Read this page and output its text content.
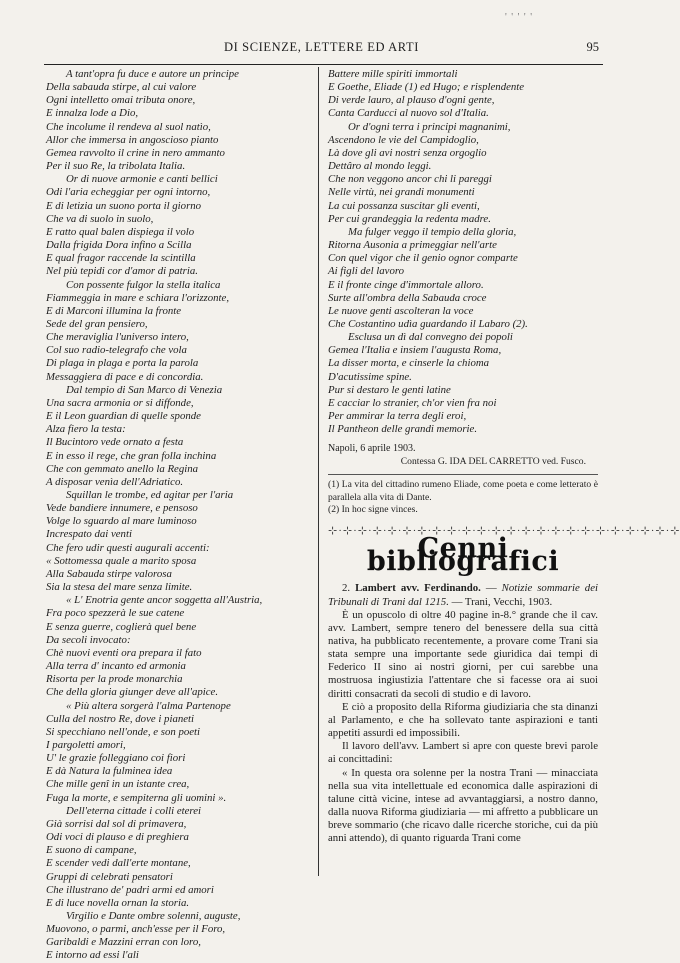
' ' ' ' '
DI SCIENZE, LETTERE ED ARTI	95
A tant'opra fu duce e autore un principe
Della sabauda stirpe, al cui valore
Ogni intelletto omai tributa onore,
E innalza lode a Dio,
Che incolume il rendeva al suol natìo,
Allor che immersa in angoscioso pianto
Gemea ravvolto il crine in nero ammanto
Per il suo Re, la tribolata Italia.
Or di nuove armonie e canti bellici
Odi l'aria echeggiar per ogni intorno,
E di letizia un suono porta il giorno
Che va di suolo in suolo,
E ratto qual balen dispiega il volo
Dalla frigida Dora infino a Scilla
E qual fragor raccende la scintilla
Nel più tepidi cor d'amor di patria.
Con possente fulgor la stella italica
Fiammeggia in mare e schiara l'orizzonte,
E di Marconi illumina la fronte
Sede del gran pensiero,
Che meraviglia l'universo intero,
Col suo radio-telegrafo che vola
Di plaga in plaga e porta la parola
Messaggiera di pace e di concordia.
Dal tempio di San Marco di Venezia
Una sacra armonia or si diffonde,
E il Leon guardian di quelle sponde
Alza fiero la testa:
Il Bucintoro vede ornato a festa
E in esso il rege, che gran folla inchina
Che con gemmato anello la Regina
A disposar venìa dell'Adriatico.
Squillan le trombe, ed agitar per l'aria
Vede bandiere innumere, e pensoso
Volge lo sguardo al mare luminoso
Increspato dai venti
Che fero udir questi augurali accenti:
« Sottomessa quale a marito sposa
Alla Sabauda stirpe valorosa
Sia la stesa del mare senza limite.
« L' Enotria gente ancor soggetta all'Austria,
Fra poco spezzerà le sue catene
E senza guerre, coglierà quel bene
Da secoli invocato:
Chè nuovi eventi ora prepara il fato
Alla terra d' incanto ed armonia
Risorta per la prode monarchia
Che della gloria giunger deve all'apice.
« Più altera sorgerà l'alma Partenope
Culla del nostro Re, dove i pianeti
Si specchiano nell'onde, e son poeti
I pargoletti amori,
U' le grazie folleggiano coi fiori
E dà Natura la fulminea idea
Che mille genî in un istante crea,
Fuga la morte, e sempiterna gli uomini ».
Dell'eterna cittade i colli eterei
Già sorrisi dal sol di primavera,
Odi voci di plauso e di preghiera
E suono di campane,
E scender vedi dall'erte montane,
Gruppi di celebrati pensatori
Che illustrano de' padri armi ed amori
E di luce novella ornan la storia.
Virgilio e Dante ombre solenni, auguste,
Muovono, o parmi, anch'esse per il Foro,
Garibaldi e Mazzini erran con loro,
E intorno ad essi l'ali
Battere mille spiriti immortali
E Goethe, Eliade (1) ed Hugo; e risplendente
Di verde lauro, al plauso d'ogni gente,
Canta Carducci al nuovo sol d'Italia.
Or d'ogni terra i principi magnanimi,
Ascendono le vie del Campidoglio,
Là dove gli avi nostri senza orgoglio
Dettâro al mondo leggi.
Che non veggono ancor chi li pareggi
Nelle virtù, nei grandi monumenti
La cui possanza suscitar gli eventi,
Per cui grandeggia la redenta madre.
Ma fulger veggo il tempio della gloria,
Ritorna Ausonia a primeggiar nell'arte
Con quel vigor che il genio ognor comparte
Ai figli del lavoro
E il fronte cinge d'immortale alloro.
Surte all'ombra della Sabauda croce
Le nuove genti ascolteran la voce
Che Costantino udìa guardando il Labaro (2).
Esclusa un dì dal convegno dei popoli
Gemea l'Italia e insiem l'augusta Roma,
La disser morta, e cinserle la chioma
D'acutissime spine.
Pur si destaro le genti latine
E cacciar lo stranier, ch'or vien fra noi
Per ammirar la terra degli eroi,
Il Pantheon delle grandi memorie.
Napoli, 6 aprile 1903.
Contessa G. IDA DEL CARRETTO ved. Fusco.
(1) La vita del cittadino rumeno Eliade, come poeta e come letterato è parallela alla vita di Dante.
(2) In hoc signe vinces.
⊹·⊹·⊹·⊹·⊹·⊹·⊹·⊹·⊹·⊹·⊹·⊹·⊹·⊹·⊹·⊹·⊹·⊹·⊹·⊹·⊹·⊹·⊹·⊹
Cenni bibliografici
2. Lambert avv. Ferdinando. — Notizie sommarie dei Tribunali di Trani dal 1215. — Trani, Vecchi, 1903.

È un opuscolo di oltre 40 pagine in-8.° grande che il cav. avv. Lambert, sempre tenero del benessere della sua città nativa, ha pubblicato recentemente, a provare come Trani sia stata sempre una importante sede giuridica dai tempi di Federico II sino ai nostri giorni, per cui sarebbe una mostruosa ingiustizia l'attentare che si facesse ora ai suoi diritti consacrati da secoli di studio e di lavoro.

E ciò a proposito della Riforma giudiziaria che sta dinanzi al Parlamento, e che ha sollevato tante aspirazioni e tanti appetiti assurdi ed impossibili.

Il lavoro dell'avv. Lambert si apre con queste brevi parole ai concittadini:

« In questa ora solenne per la nostra Trani — minacciata nella sua vita intellettuale ed economica dalle aspirazioni di talune città vicine, intese ad avvantaggiarsi, a nostro danno, dalla nuova Riforma giudiziaria — mi affretto a pubblicare un breve sommario (che ricavo dalle ricerche storiche, cui da più anni attendo), di quanto riguarda Trani come
